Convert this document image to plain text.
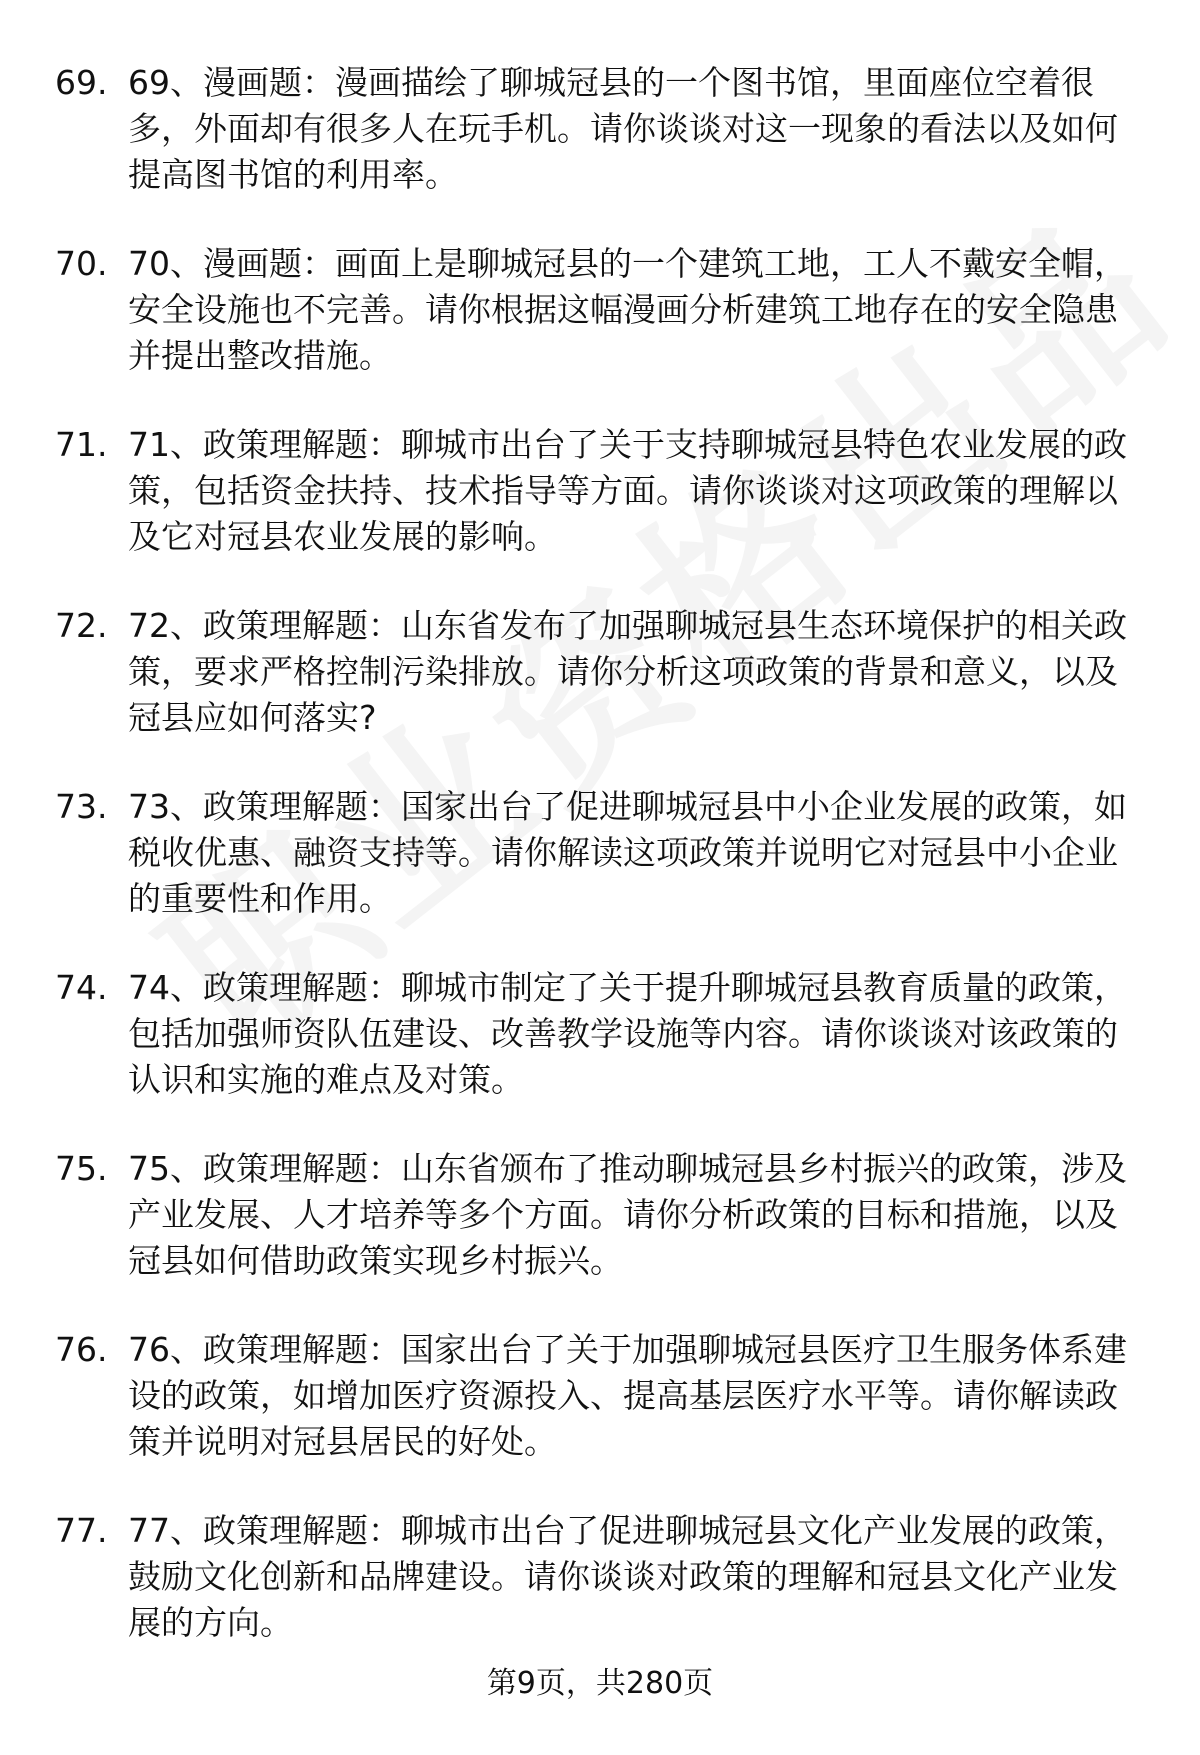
69. 69、漫画题：漫画描绘了聊城冠县的一个图书馆，里面座位空着很多，外面却有很多人在玩手机。请你谈谈对这一现象的看法以及如何提高图书馆的利用率。
70. 70、漫画题：画面上是聊城冠县的一个建筑工地，工人不戴安全帽，安全设施也不完善。请你根据这幅漫画分析建筑工地存在的安全隐患并提出整改措施。
71. 71、政策理解题：聊城市出台了关于支持聊城冠县特色农业发展的政策，包括资金扶持、技术指导等方面。请你谈谈对这项政策的理解以及它对冠县农业发展的影响。
72. 72、政策理解题：山东省发布了加强聊城冠县生态环境保护的相关政策，要求严格控制污染排放。请你分析这项政策的背景和意义，以及冠县应如何落实?
73. 73、政策理解题：国家出台了促进聊城冠县中小企业发展的政策，如税收优惠、融资支持等。请你解读这项政策并说明它对冠县中小企业的重要性和作用。
74. 74、政策理解题：聊城市制定了关于提升聊城冠县教育质量的政策，包括加强师资队伍建设、改善教学设施等内容。请你谈谈对该政策的认识和实施的难点及对策。
75. 75、政策理解题：山东省颁布了推动聊城冠县乡村振兴的政策，涉及产业发展、人才培养等多个方面。请你分析政策的目标和措施，以及冠县如何借助政策实现乡村振兴。
76. 76、政策理解题：国家出台了关于加强聊城冠县医疗卫生服务体系建设的政策，如增加医疗资源投入、提高基层医疗水平等。请你解读政策并说明对冠县居民的好处。
77. 77、政策理解题：聊城市出台了促进聊城冠县文化产业发展的政策，鼓励文化创新和品牌建设。请你谈谈对政策的理解和冠县文化产业发展的方向。
第9页，共280页
